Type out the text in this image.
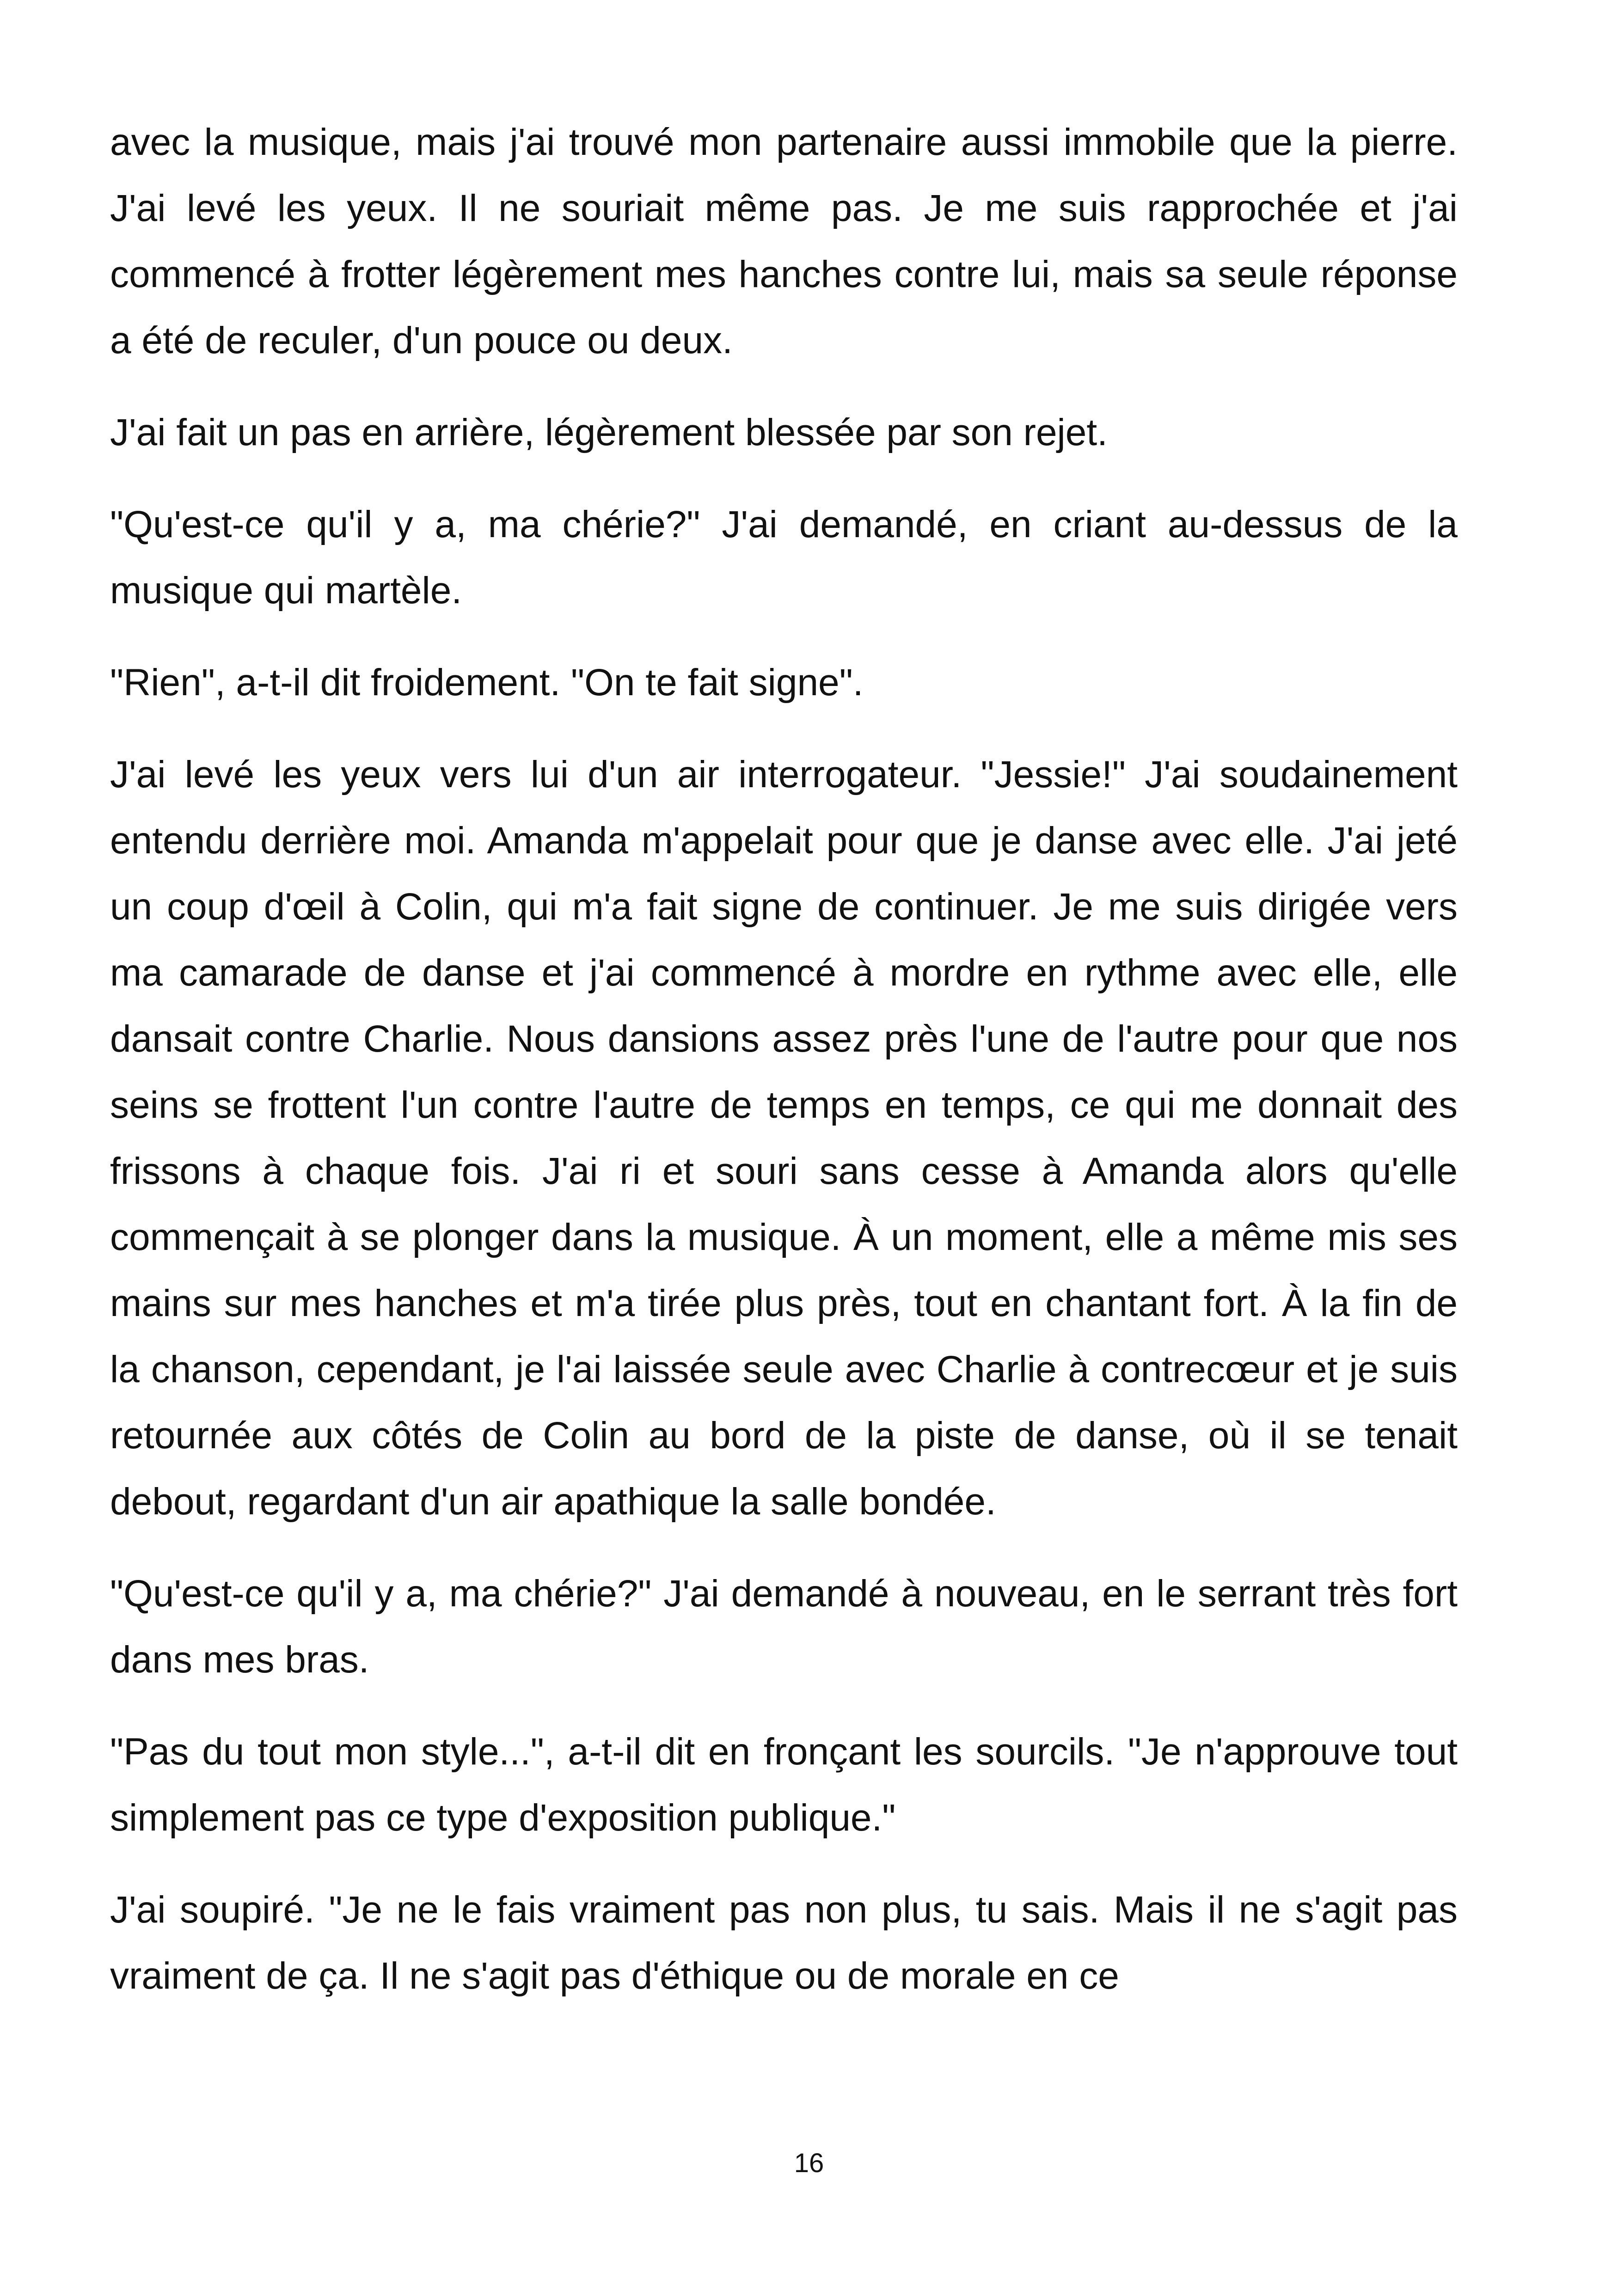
avec la musique, mais j'ai trouvé mon partenaire aussi immobile que la pierre. J'ai levé les yeux. Il ne souriait même pas. Je me suis rapprochée et j'ai commencé à frotter légèrement mes hanches contre lui, mais sa seule réponse a été de reculer, d'un pouce ou deux.

J'ai fait un pas en arrière, légèrement blessée par son rejet.

"Qu'est-ce qu'il y a, ma chérie?" J'ai demandé, en criant au-dessus de la musique qui martèle.

"Rien", a-t-il dit froidement. "On te fait signe".

J'ai levé les yeux vers lui d'un air interrogateur. "Jessie!" J'ai soudainement entendu derrière moi. Amanda m'appelait pour que je danse avec elle. J'ai jeté un coup d'œil à Colin, qui m'a fait signe de continuer. Je me suis dirigée vers ma camarade de danse et j'ai commencé à mordre en rythme avec elle, elle dansait contre Charlie. Nous dansions assez près l'une de l'autre pour que nos seins se frottent l'un contre l'autre de temps en temps, ce qui me donnait des frissons à chaque fois. J'ai ri et souri sans cesse à Amanda alors qu'elle commençait à se plonger dans la musique. À un moment, elle a même mis ses mains sur mes hanches et m'a tirée plus près, tout en chantant fort. À la fin de la chanson, cependant, je l'ai laissée seule avec Charlie à contrecœur et je suis retournée aux côtés de Colin au bord de la piste de danse, où il se tenait debout, regardant d'un air apathique la salle bondée.

"Qu'est-ce qu'il y a, ma chérie?" J'ai demandé à nouveau, en le serrant très fort dans mes bras.

"Pas du tout mon style...", a-t-il dit en fronçant les sourcils. "Je n'approuve tout simplement pas ce type d'exposition publique."

J'ai soupiré. "Je ne le fais vraiment pas non plus, tu sais. Mais il ne s'agit pas vraiment de ça. Il ne s'agit pas d'éthique ou de morale en ce

16
